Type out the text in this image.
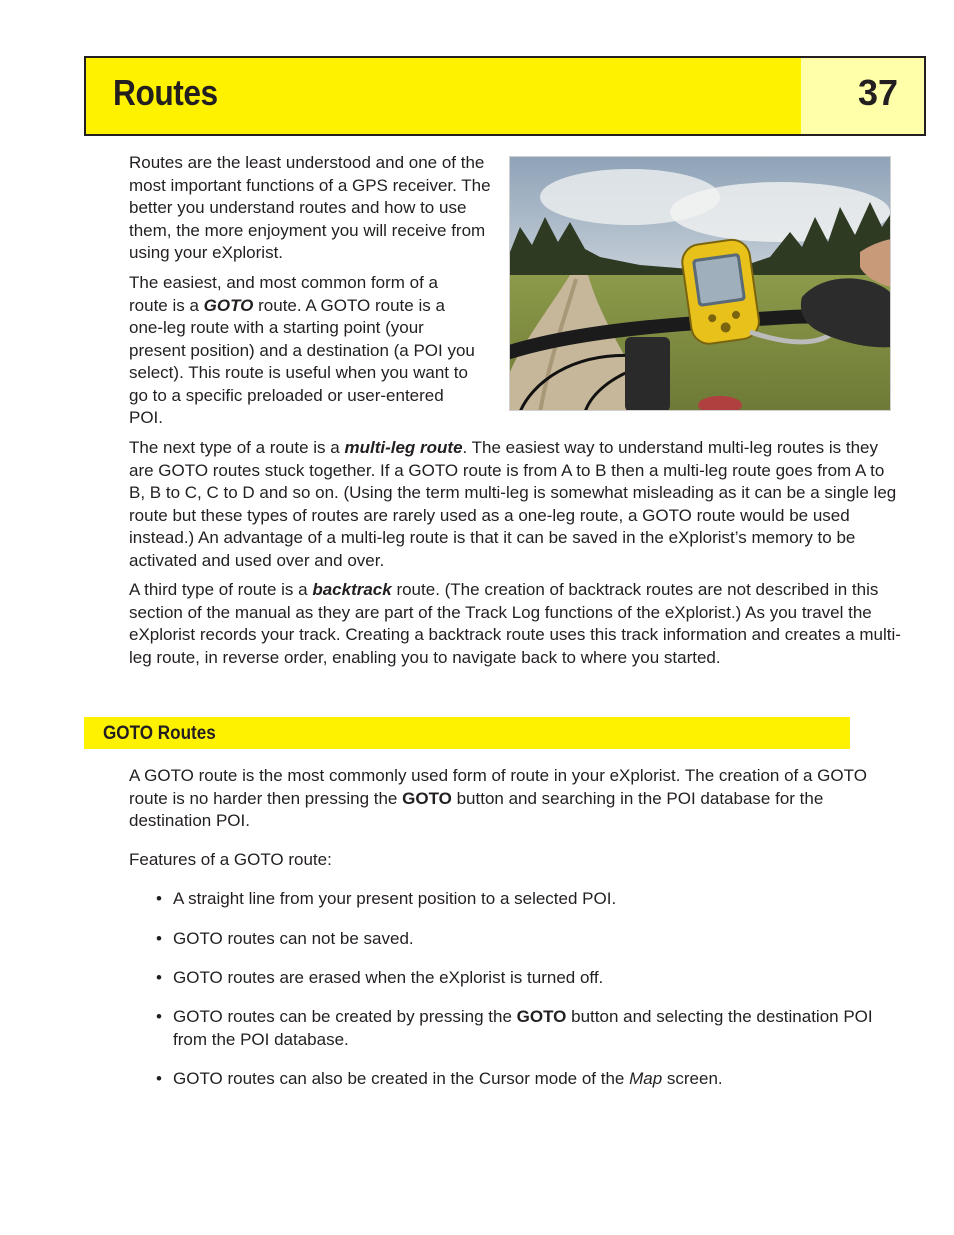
Routes	37

Routes are the least understood and one of the most important functions of a GPS receiver. The better you understand routes and how to use them, the more enjoyment you will receive from using your eXplorist.

The easiest, and most common form of a route is a GOTO route. A GOTO route is a one-leg route with a starting point (your present position) and a destination (a POI you select). This route is useful when you want to go to a specific preloaded or user-entered POI.

The next type of a route is a multi-leg route. The easiest way to understand multi-leg routes is they are GOTO routes stuck together. If a GOTO route is from A to B then a multi-leg route goes from A to B, B to C, C to D and so on. (Using the term multi-leg is somewhat misleading as it can be a single leg route but these types of routes are rarely used as a one-leg route, a GOTO route would be used instead.) An advantage of a multi-leg route is that it can be saved in the eXplorist’s memory to be activated and used over and over.

A third type of route is a backtrack route. (The creation of backtrack routes are not described in this section of the manual as they are part of the Track Log functions of the eXplorist.) As you travel the eXplorist records your track. Creating a backtrack route uses this track information and creates a multi-leg route, in reverse order, enabling you to navigate back to where you started.

GOTO Routes

A GOTO route is the most commonly used form of route in your eXplorist. The creation of a GOTO route is no harder then pressing the GOTO button and searching in the POI database for the destination POI.

Features of a GOTO route:
• A straight line from your present position to a selected POI.
• GOTO routes can not be saved.
• GOTO routes are erased when the eXplorist is turned off.
• GOTO routes can be created by pressing the GOTO button and selecting the destination POI from the POI database.
• GOTO routes can also be created in the Cursor mode of the Map screen.
